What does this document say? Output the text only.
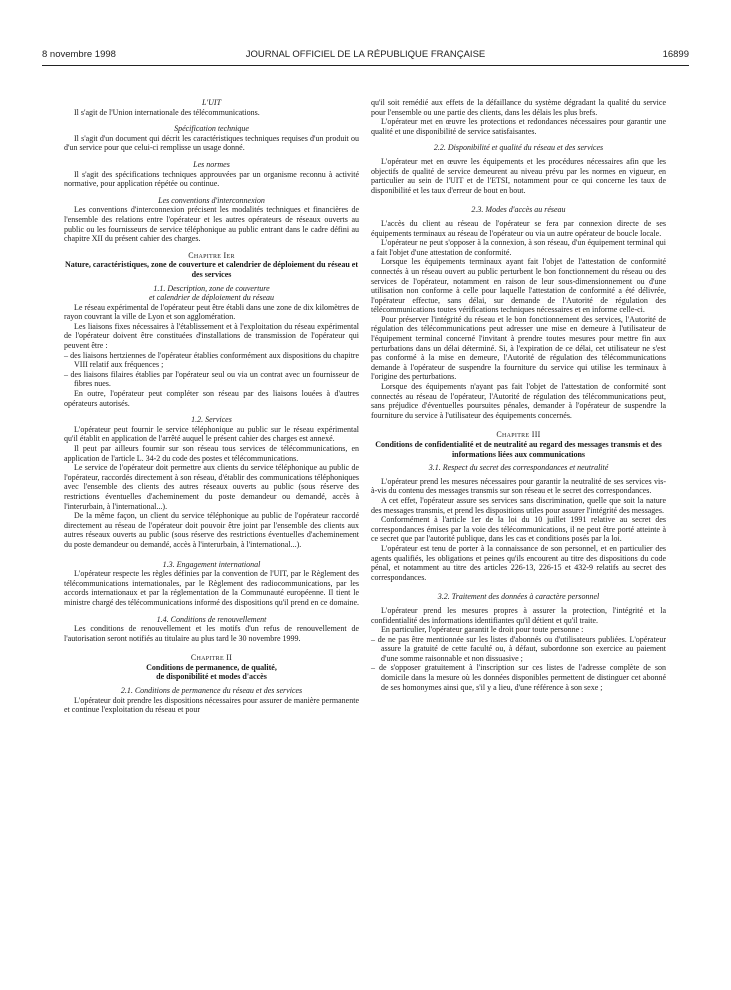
8 novembre 1998	JOURNAL OFFICIEL DE LA RÉPUBLIQUE FRANÇAISE	16899
L'UIT

Il s'agit de l'Union internationale des télécommunications.

Spécification technique

Il s'agit d'un document qui décrit les caractéristiques techniques requises d'un produit ou d'un service pour que celui-ci remplisse un usage donné.

Les normes

Il s'agit des spécifications techniques approuvées par un organisme reconnu à activité normative, pour application répétée ou continue.

Les conventions d'interconnexion

Les conventions d'interconnexion précisent les modalités techniques et financières de l'ensemble des relations entre l'opérateur et les autres opérateurs de réseaux ouverts au public ou les fournisseurs de service téléphonique au public entrant dans le cadre défini au chapitre XII du présent cahier des charges.

Chapitre Ier
Nature, caractéristiques, zone de couverture et calendrier de déploiement du réseau et des services
1.1. Description, zone de couverture
et calendrier de déploiement du réseau

Le réseau expérimental de l'opérateur peut être établi dans une zone de dix kilomètres de rayon couvrant la ville de Lyon et son agglomération.

Les liaisons fixes nécessaires à l'établissement et à l'exploitation du réseau expérimental de l'opérateur doivent être constituées d'installations de transmission de l'opérateur qui peuvent être :

– des liaisons hertziennes de l'opérateur établies conformément aux dispositions du chapitre VIII relatif aux fréquences ;

– des liaisons filaires établies par l'opérateur seul ou via un contrat avec un fournisseur de fibres nues.

En outre, l'opérateur peut compléter son réseau par des liaisons louées à d'autres opérateurs autorisés.

1.2. Services

L'opérateur peut fournir le service téléphonique au public sur le réseau expérimental qu'il établit en application de l'arrêté auquel le présent cahier des charges est annexé.

Il peut par ailleurs fournir sur son réseau tous services de télécommunications, en application de l'article L. 34-2 du code des postes et télécommunications.

Le service de l'opérateur doit permettre aux clients du service téléphonique au public de l'opérateur, raccordés directement à son réseau, d'établir des communications téléphoniques avec l'ensemble des clients des autres réseaux ouverts au public (sous réserve des restrictions éventuelles d'acheminement du poste demandeur ou demandé, accès à l'interurbain, à l'international...).

De la même façon, un client du service téléphonique au public de l'opérateur raccordé directement au réseau de l'opérateur doit pouvoir être joint par l'ensemble des clients aux autres réseaux ouverts au public (sous réserve des restrictions éventuelles d'acheminement du poste demandeur ou demandé, accès à l'interurbain, à l'international...).

1.3. Engagement international

L'opérateur respecte les règles définies par la convention de l'UIT, par le Règlement des télécommunications internationales, par le Règlement des radiocommunications, par les accords internationaux et par la réglementation de la Communauté européenne. Il tient le ministre chargé des télécommunications informé des dispositions qu'il prend en ce domaine.

1.4. Conditions de renouvellement

Les conditions de renouvellement et les motifs d'un refus de renouvellement de l'autorisation seront notifiés au titulaire au plus tard le 30 novembre 1999.

Chapitre II
Conditions de permanence, de qualité,
de disponibilité et modes d'accès
2.1. Conditions de permanence du réseau et des services

L'opérateur doit prendre les dispositions nécessaires pour assurer de manière permanente et continue l'exploitation du réseau et pour

qu'il soit remédié aux effets de la défaillance du système dégradant la qualité du service pour l'ensemble ou une partie des clients, dans les délais les plus brefs.

L'opérateur met en œuvre les protections et redondances nécessaires pour garantir une qualité et une disponibilité de service satisfaisantes.

2.2. Disponibilité et qualité du réseau et des services

L'opérateur met en œuvre les équipements et les procédures nécessaires afin que les objectifs de qualité de service demeurent au niveau prévu par les normes en vigueur, en particulier au sein de l'UIT et de l'ETSI, notamment pour ce qui concerne les taux de disponibilité et les taux d'erreur de bout en bout.

2.3. Modes d'accès au réseau

L'accès du client au réseau de l'opérateur se fera par connexion directe de ses équipements terminaux au réseau de l'opérateur ou via un autre opérateur de boucle locale.

L'opérateur ne peut s'opposer à la connexion, à son réseau, d'un équipement terminal qui a fait l'objet d'une attestation de conformité.

Lorsque les équipements terminaux ayant fait l'objet de l'attestation de conformité connectés à un réseau ouvert au public perturbent le bon fonctionnement du réseau ou des services de l'opérateur, notamment en raison de leur sous-dimensionnement ou d'une utilisation non conforme à celle pour laquelle l'attestation de conformité a été délivrée, l'opérateur effectue, sans délai, sur demande de l'Autorité de régulation des télécommunications toutes vérifications techniques nécessaires et en informe celle-ci.

Pour préserver l'intégrité du réseau et le bon fonctionnement des services, l'Autorité de régulation des télécommunications peut adresser une mise en demeure à l'utilisateur de l'équipement terminal concerné l'invitant à prendre toutes mesures pour mettre fin aux perturbations dans un délai déterminé. Si, à l'expiration de ce délai, cet utilisateur ne s'est pas conformé à la mise en demeure, l'Autorité de régulation des télécommunications demande à l'opérateur de suspendre la fourniture du service qui utilise les terminaux à l'origine des perturbations.

Lorsque des équipements n'ayant pas fait l'objet de l'attestation de conformité sont connectés au réseau de l'opérateur, l'Autorité de régulation des télécommunications peut, sans préjudice d'éventuelles poursuites pénales, demander à l'opérateur de suspendre la fourniture du service à l'utilisateur des équipements concernés.

Chapitre III
Conditions de confidentialité et de neutralité au regard des messages transmis et des informations liées aux communications
3.1. Respect du secret des correspondances et neutralité

L'opérateur prend les mesures nécessaires pour garantir la neutralité de ses services vis-à-vis du contenu des messages transmis sur son réseau et le secret des correspondances.

A cet effet, l'opérateur assure ses services sans discrimination, quelle que soit la nature des messages transmis, et prend les dispositions utiles pour assurer l'intégrité des messages.

Conformément à l'article 1er de la loi du 10 juillet 1991 relative au secret des correspondances émises par la voie des télécommunications, il ne peut être porté atteinte à ce secret que par l'autorité publique, dans les cas et conditions posés par la loi.

L'opérateur est tenu de porter à la connaissance de son personnel, et en particulier des agents qualifiés, les obligations et peines qu'ils encourent au titre des dispositions du code pénal, et notamment au titre des articles 226-13, 226-15 et 432-9 relatifs au secret des correspondances.

3.2. Traitement des données à caractère personnel

L'opérateur prend les mesures propres à assurer la protection, l'intégrité et la confidentialité des informations identifiantes qu'il détient et qu'il traite.

En particulier, l'opérateur garantit le droit pour toute personne :

– de ne pas être mentionnée sur les listes d'abonnés ou d'utilisateurs publiées. L'opérateur assure la gratuité de cette faculté ou, à défaut, subordonne son exercice au paiement d'une somme raisonnable et non dissuasive ;

– de s'opposer gratuitement à l'inscription sur ces listes de l'adresse complète de son domicile dans la mesure où les données disponibles permettent de distinguer cet abonné de ses homonymes ainsi que, s'il y a lieu, d'une référence à son sexe ;
